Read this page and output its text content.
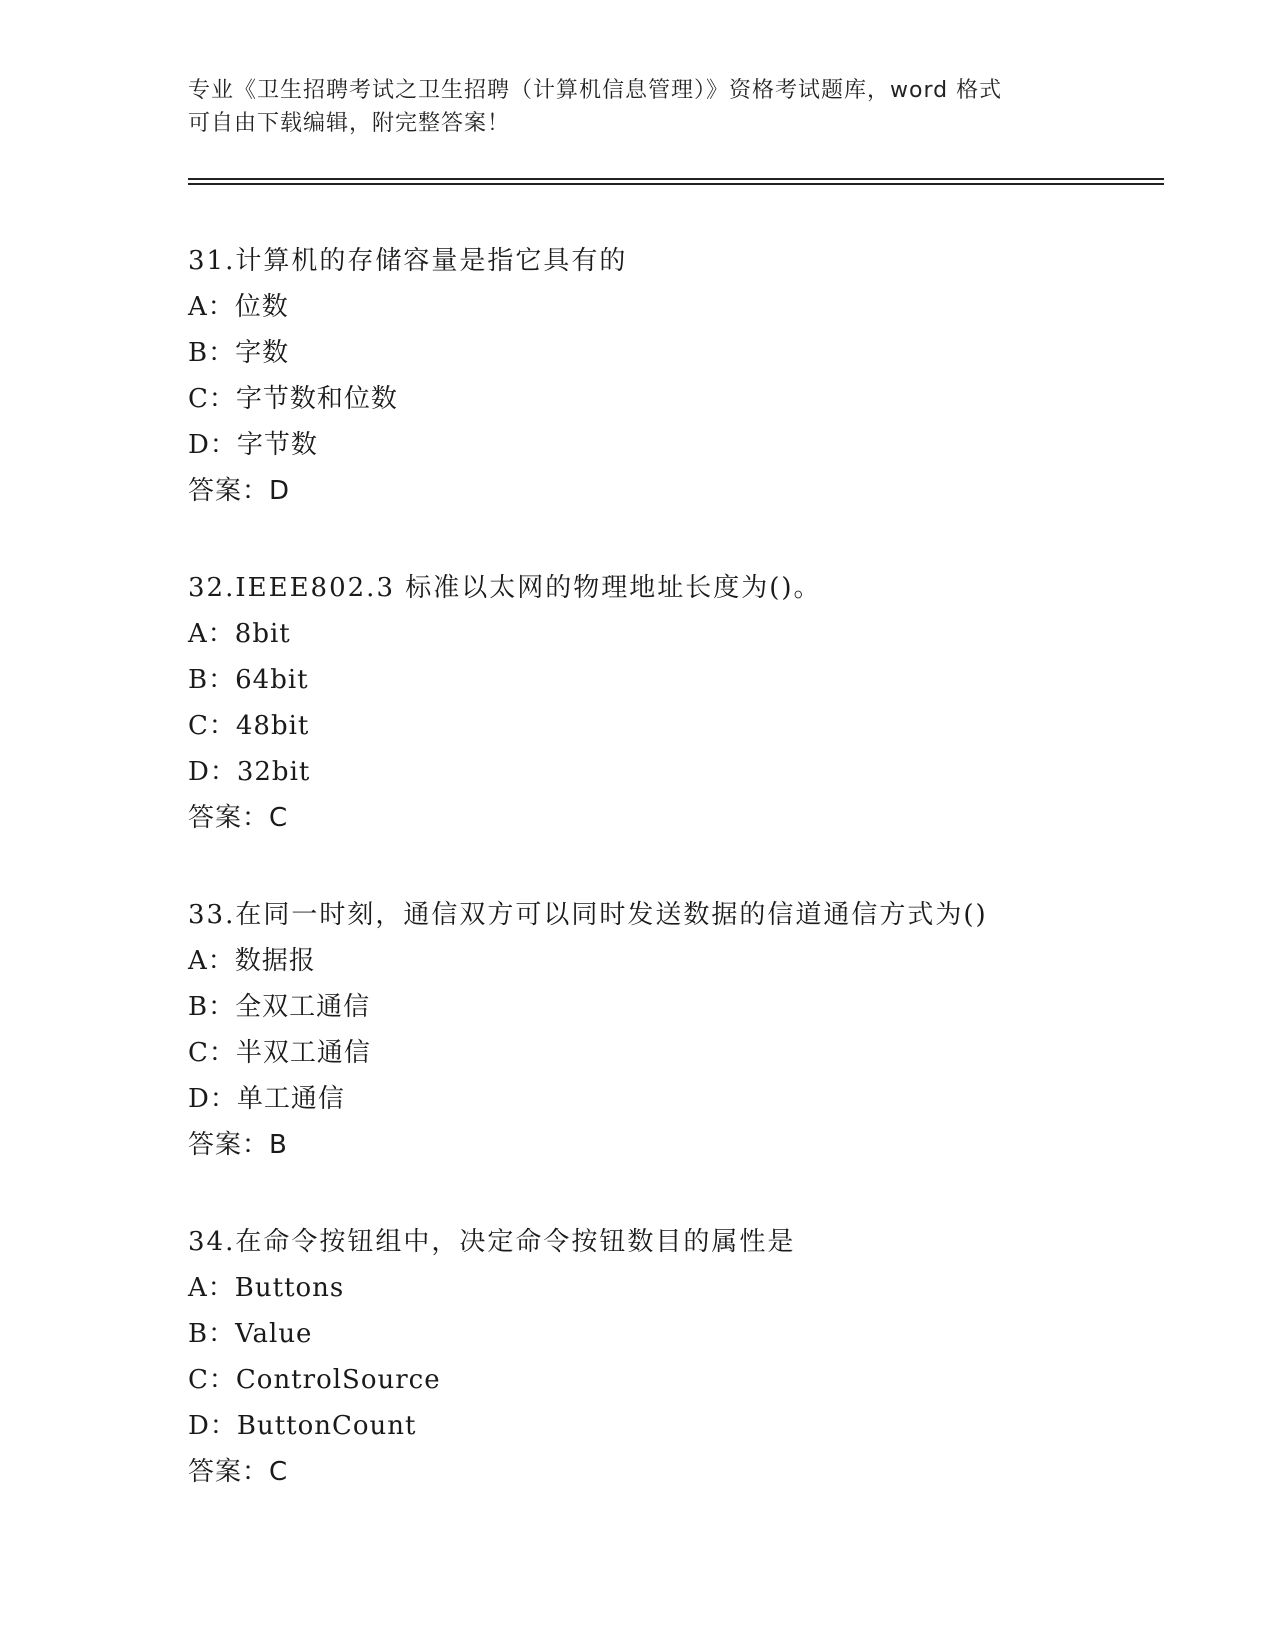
专业《卫生招聘考试之卫生招聘（计算机信息管理）》资格考试题库，word 格式

可自由下载编辑，附完整答案！

31.计算机的存储容量是指它具有的
A：位数
B：字数
C：字节数和位数
D：字节数
答案：D
32.IEEE802.3 标准以太网的物理地址长度为()。
A：8bit
B：64bit
C：48bit
D：32bit
答案：C
33.在同一时刻，通信双方可以同时发送数据的信道通信方式为()
A：数据报
B：全双工通信
C：半双工通信
D：单工通信
答案：B
34.在命令按钮组中，决定命令按钮数目的属性是
A：Buttons
B：Value
C：ControlSource
D：ButtonCount
答案：C
